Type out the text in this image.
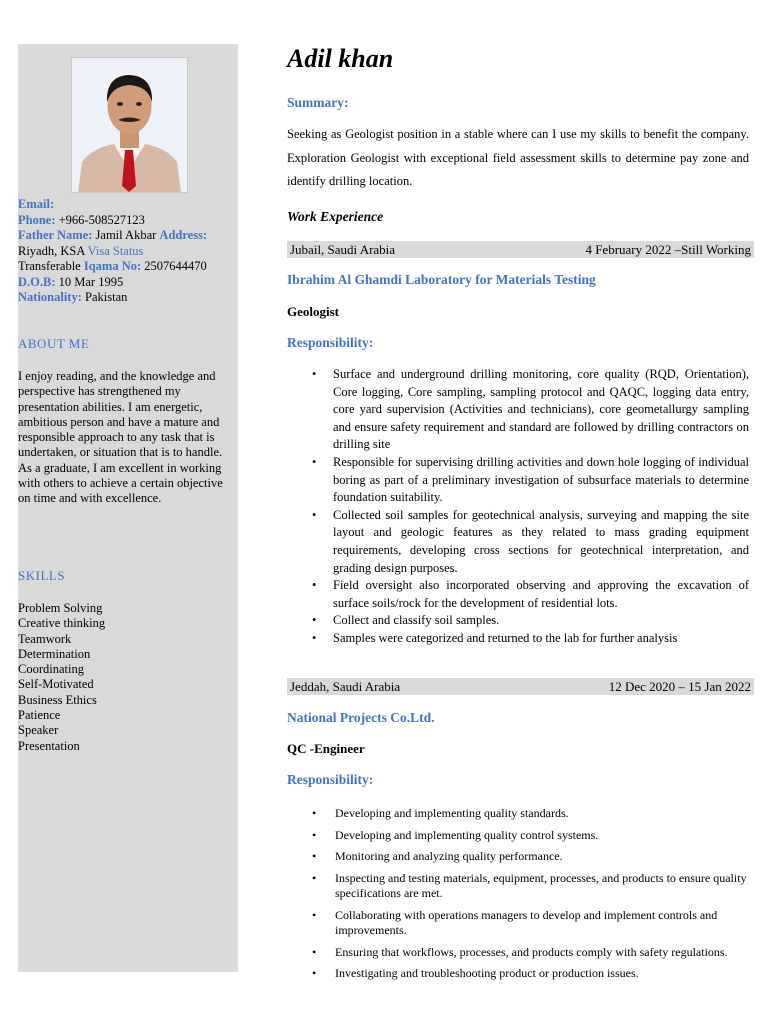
Email:
Phone: +966-508527123
Father Name: Jamil Akbar Address:
Riyadh, KSA Visa Status
Transferable Iqama No: 2507644470
D.O.B: 10 Mar 1995
Nationality: Pakistan
ABOUT ME
I enjoy reading, and the knowledge and perspective has strengthened my presentation abilities. I am energetic, ambitious person and have a mature and responsible approach to any task that is undertaken, or situation that is to handle. As a graduate, I am excellent in working with others to achieve a certain objective on time and with excellence.
SKILLS
Problem Solving
Creative thinking
Teamwork
Determination
Coordinating
Self-Motivated
Business Ethics
Patience
Speaker
Presentation
Adil khan
Summary:
Seeking as Geologist position in a stable where can I use my skills to benefit the company. Exploration Geologist with exceptional field assessment skills to determine pay zone and identify drilling location.
Work Experience
Jubail, Saudi Arabia	4 February 2022 –Still Working
Ibrahim Al Ghamdi Laboratory for Materials Testing
Geologist
Responsibility:
• Surface and underground drilling monitoring, core quality (RQD, Orientation), Core logging, Core sampling, sampling protocol and QAQC, logging data entry, core yard supervision (Activities and technicians), core geometallurgy sampling and ensure safety requirement and standard are followed by drilling contractors on drilling site
• Responsible for supervising drilling activities and down hole logging of individual boring as part of a preliminary investigation of subsurface materials to determine foundation suitability.
• Collected soil samples for geotechnical analysis, surveying and mapping the site layout and geologic features as they related to mass grading equipment requirements, developing cross sections for geotechnical interpretation, and grading design purposes.
• Field oversight also incorporated observing and approving the excavation of surface soils/rock for the development of residential lots.
• Collect and classify soil samples.
• Samples were categorized and returned to the lab for further analysis
Jeddah, Saudi Arabia	12 Dec 2020 – 15 Jan 2022
National Projects Co.Ltd.
QC -Engineer
Responsibility:
• Developing and implementing quality standards.
• Developing and implementing quality control systems.
• Monitoring and analyzing quality performance.
• Inspecting and testing materials, equipment, processes, and products to ensure quality specifications are met.
• Collaborating with operations managers to develop and implement controls and improvements.
• Ensuring that workflows, processes, and products comply with safety regulations.
• Investigating and troubleshooting product or production issues.
